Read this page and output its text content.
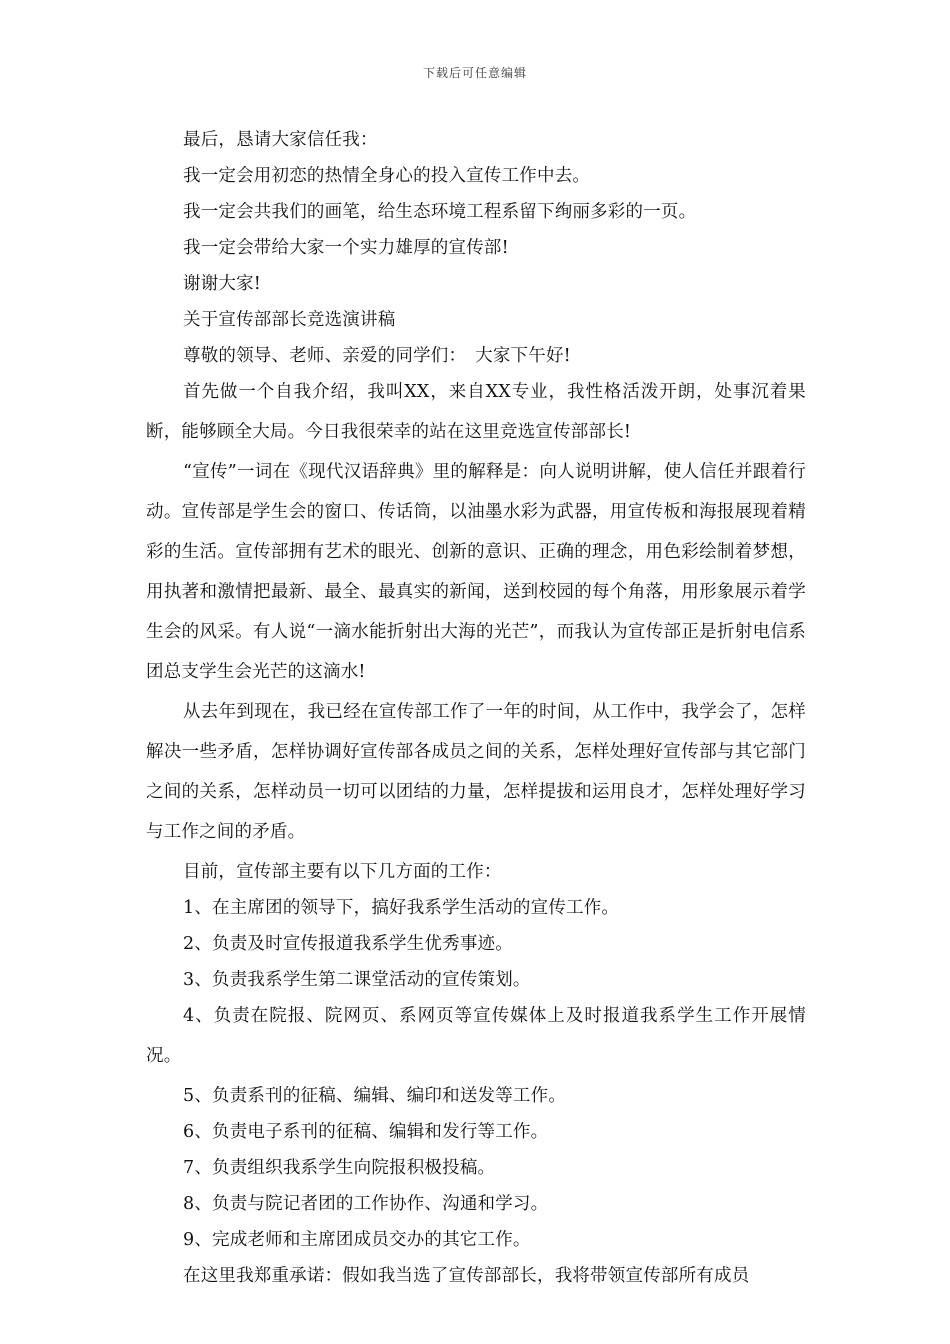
下载后可任意编辑

最后，恳请大家信任我：

我一定会用初恋的热情全身心的投入宣传工作中去。

我一定会共我们的画笔，给生态环境工程系留下绚丽多彩的一页。

我一定会带给大家一个实力雄厚的宣传部!

谢谢大家!

关于宣传部部长竞选演讲稿

尊敬的领导、老师、亲爱的同学们：　大家下午好!

首先做一个自我介绍，我叫XX，来自XX专业，我性格活泼开朗，处事沉着果断，能够顾全大局。今日我很荣幸的站在这里竞选宣传部部长!

“宣传”一词在《现代汉语辞典》里的解释是：向人说明讲解，使人信任并跟着行动。宣传部是学生会的窗口、传话筒，以油墨水彩为武器，用宣传板和海报展现着精彩的生活。宣传部拥有艺术的眼光、创新的意识、正确的理念，用色彩绘制着梦想，用执著和激情把最新、最全、最真实的新闻，送到校园的每个角落，用形象展示着学生会的风采。有人说“一滴水能折射出大海的光芒”，而我认为宣传部正是折射电信系团总支学生会光芒的这滴水!

从去年到现在，我已经在宣传部工作了一年的时间，从工作中，我学会了，怎样解决一些矛盾，怎样协调好宣传部各成员之间的关系，怎样处理好宣传部与其它部门之间的关系，怎样动员一切可以团结的力量，怎样提拔和运用良才，怎样处理好学习与工作之间的矛盾。

目前，宣传部主要有以下几方面的工作：

1、在主席团的领导下，搞好我系学生活动的宣传工作。

2、负责及时宣传报道我系学生优秀事迹。

3、负责我系学生第二课堂活动的宣传策划。

4、负责在院报、院网页、系网页等宣传媒体上及时报道我系学生工作开展情况。

5、负责系刊的征稿、编辑、编印和送发等工作。

6、负责电子系刊的征稿、编辑和发行等工作。

7、负责组织我系学生向院报积极投稿。

8、负责与院记者团的工作协作、沟通和学习。

9、完成老师和主席团成员交办的其它工作。

在这里我郑重承诺：假如我当选了宣传部部长，我将带领宣传部所有成员
